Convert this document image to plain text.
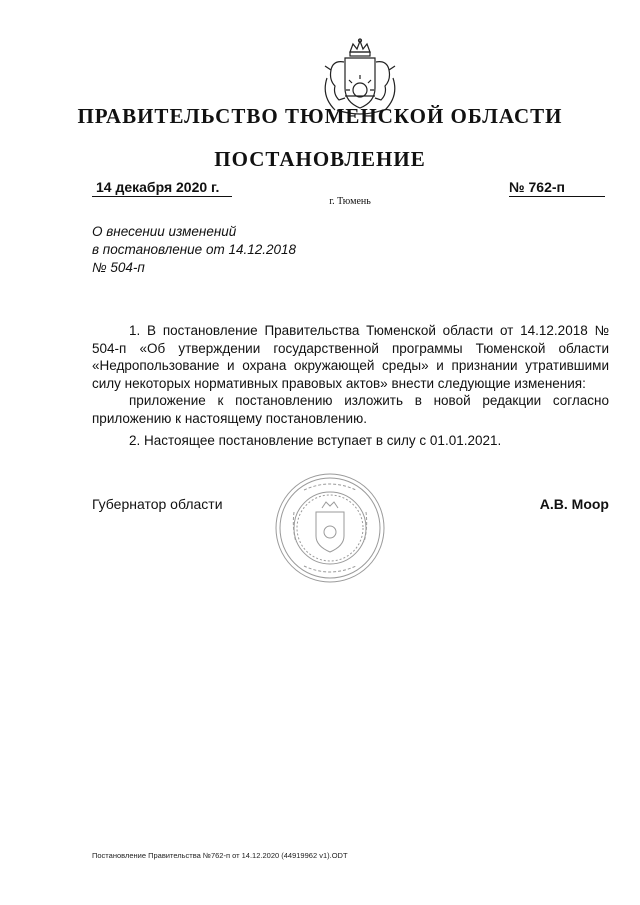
ПРАВИТЕЛЬСТВО ТЮМЕНСКОЙ ОБЛАСТИ
ПОСТАНОВЛЕНИЕ
14 декабря 2020 г.	№ 762-п
г. Тюмень
О внесении изменений
в постановление от 14.12.2018
№ 504-п

1. В постановление Правительства Тюменской области от 14.12.2018 № 504-п «Об утверждении государственной программы Тюменской области «Недропользование и охрана окружающей среды» и признании утратившими силу некоторых нормативных правовых актов» внести следующие изменения:

приложение к постановлению изложить в новой редакции согласно приложению к настоящему постановлению.

2. Настоящее постановление вступает в силу с 01.01.2021.

Губернатор области	А.В. Моор
Постановление Правительства №762-п от 14.12.2020 (44919962 v1).ODT
